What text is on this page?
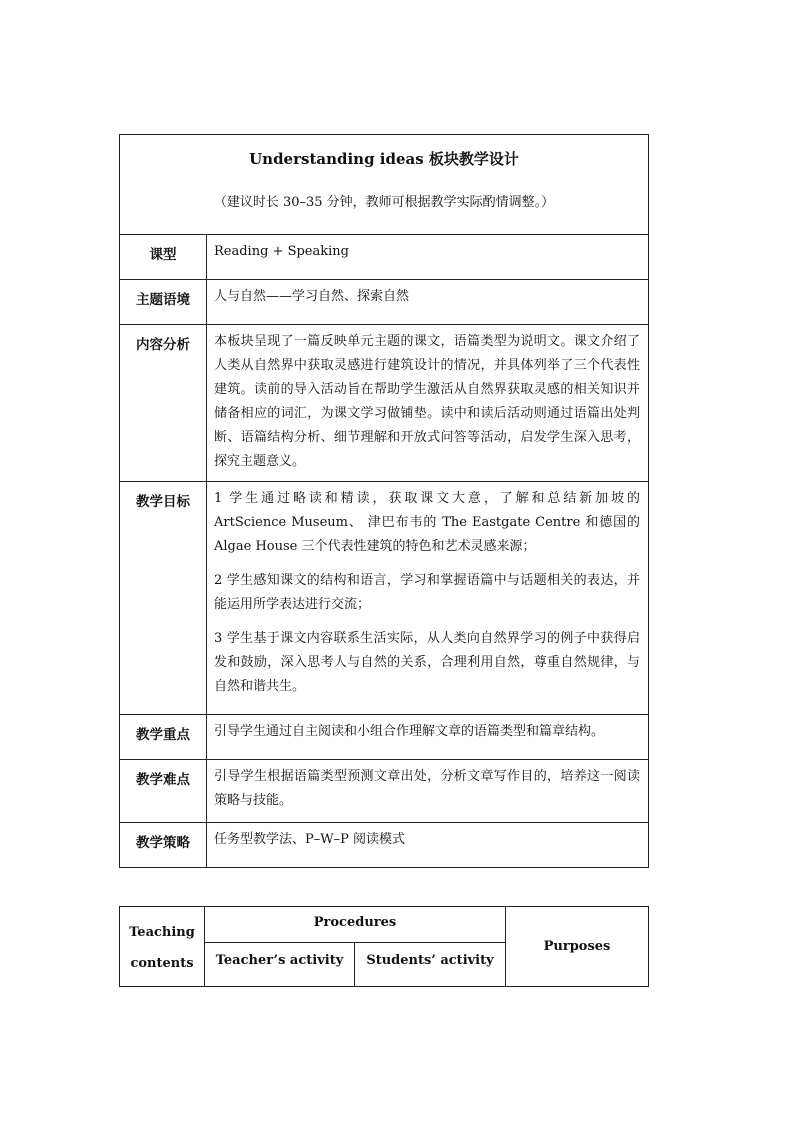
Understanding ideas 板块教学设计
（建议时长 30–35 分钟，教师可根据教学实际酌情调整。）	

课型	Reading + Speaking

主题语境	人与自然——学习自然、探索自然

内容分析	本板块呈现了一篇反映单元主题的课文，语篇类型为说明文。课文介绍了人类从自然界中获取灵感进行建筑设计的情况，并具体列举了三个代表性建筑。读前的导入活动旨在帮助学生激活从自然界获取灵感的相关知识并储备相应的词汇，为课文学习做铺垫。读中和读后活动则通过语篇出处判断、语篇结构分析、细节理解和开放式问答等活动，启发学生深入思考，探究主题意义。

教学目标	1 学生通过略读和精读，获取课文大意，了解和总结新加坡的 ArtScience Museum、 津巴布韦的 The Eastgate Centre 和德国的 Algae House 三个代表性建筑的特色和艺术灵感来源；

2 学生感知课文的结构和语言，学习和掌握语篇中与话题相关的表达，并能运用所学表达进行交流；

3 学生基于课文内容联系生活实际，从人类向自然界学习的例子中获得启发和鼓励，深入思考人与自然的关系，合理利用自然，尊重自然规律，与自然和谐共生。

教学重点	引导学生通过自主阅读和小组合作理解文章的语篇类型和篇章结构。

教学难点	引导学生根据语篇类型预测文章出处，分析文章写作目的，培养这一阅读策略与技能。

教学策略	任务型教学法、P–W–P 阅读模式

Teaching
contents	Procedures		Purposes
	Teacher’s activity	Students’ activity	
